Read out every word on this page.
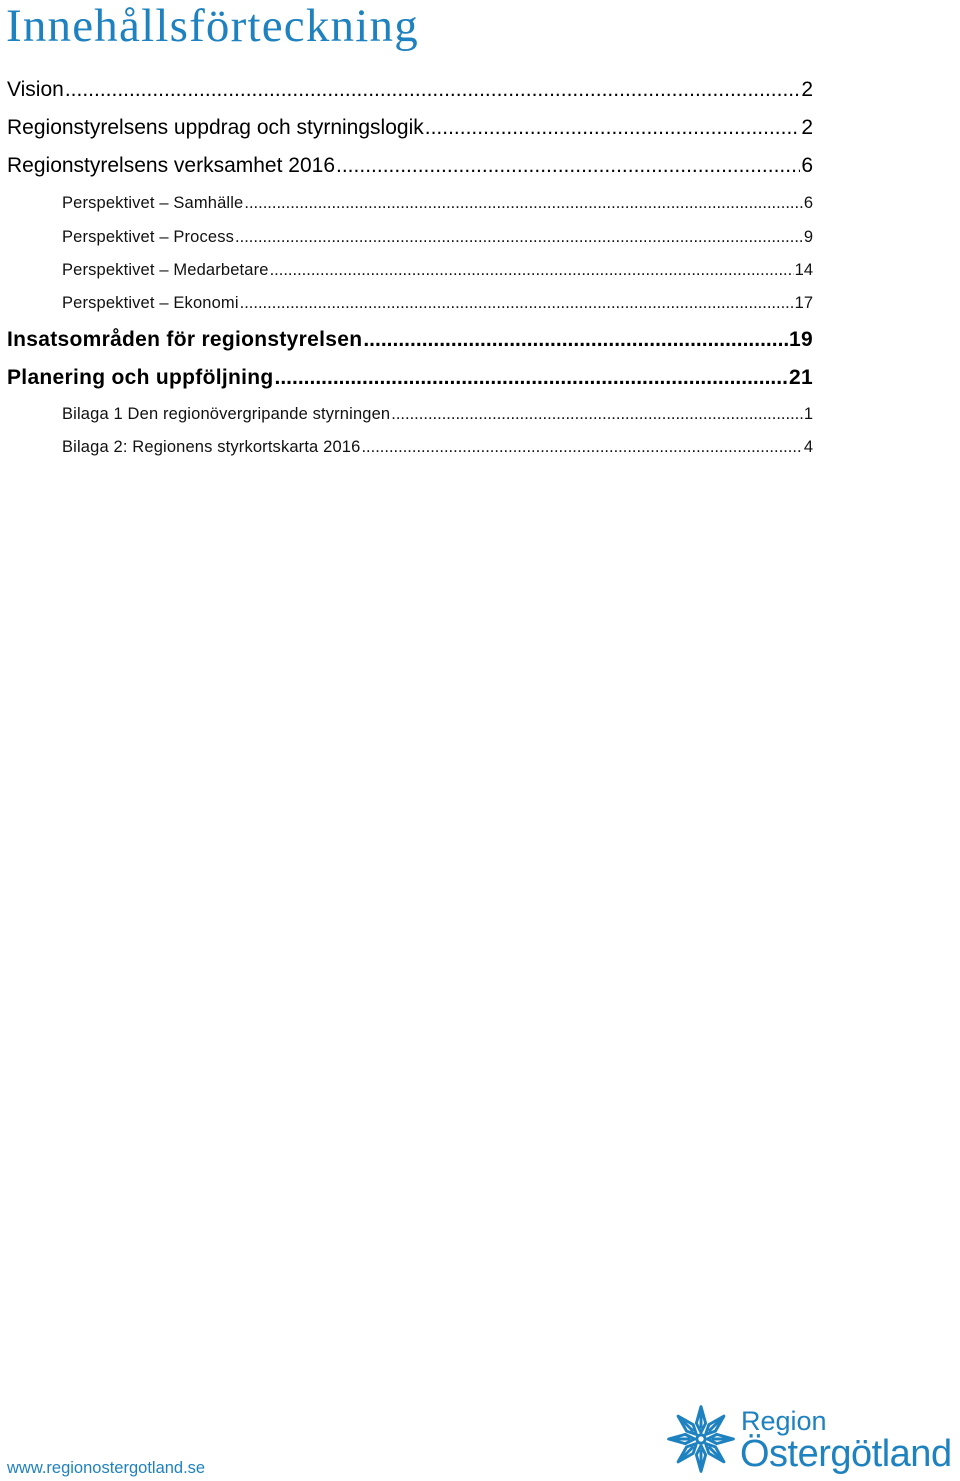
Innehållsförteckning
Vision .....	2
Regionstyrelsens uppdrag och styrningslogik .....	2
Regionstyrelsens verksamhet 2016 .....	6
Perspektivet – Samhälle .....	6
Perspektivet – Process .....	9
Perspektivet – Medarbetare .....	14
Perspektivet – Ekonomi .....	17
Insatsområden för regionstyrelsen .....	19
Planering och uppföljning .....	21
Bilaga 1 Den regionövergripande styrningen .....	1
Bilaga 2: Regionens styrkortskarta 2016 .....	4
www.regionostergotland.se
Region
Östergötland
